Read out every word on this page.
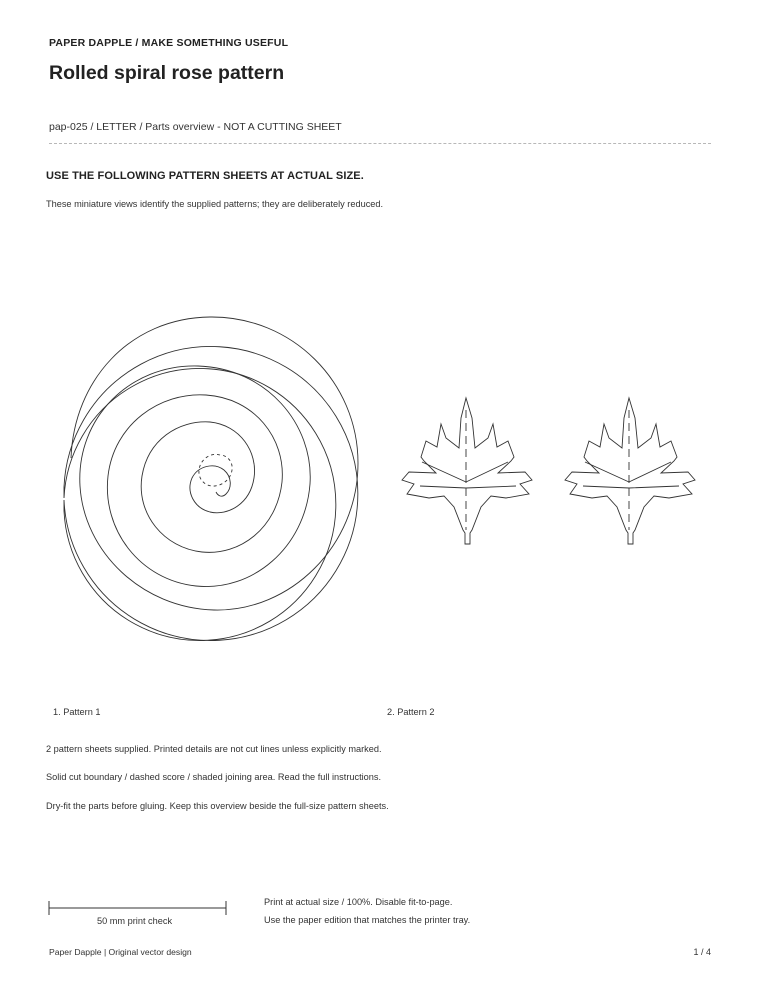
PAPER DAPPLE / MAKE SOMETHING USEFUL
Rolled spiral rose pattern
pap-025 / LETTER / Parts overview - NOT A CUTTING SHEET
USE THE FOLLOWING PATTERN SHEETS AT ACTUAL SIZE.
These miniature views identify the supplied patterns; they are deliberately reduced.
1. Pattern 1	2. Pattern 2
2 pattern sheets supplied. Printed details are not cut lines unless explicitly marked.
Solid cut boundary / dashed score / shaded joining area. Read the full instructions.
Dry-fit the parts before gluing. Keep this overview beside the full-size pattern sheets.
50 mm print check
Print at actual size / 100%. Disable fit-to-page.
Use the paper edition that matches the printer tray.
Paper Dapple | Original vector design	1 / 4
